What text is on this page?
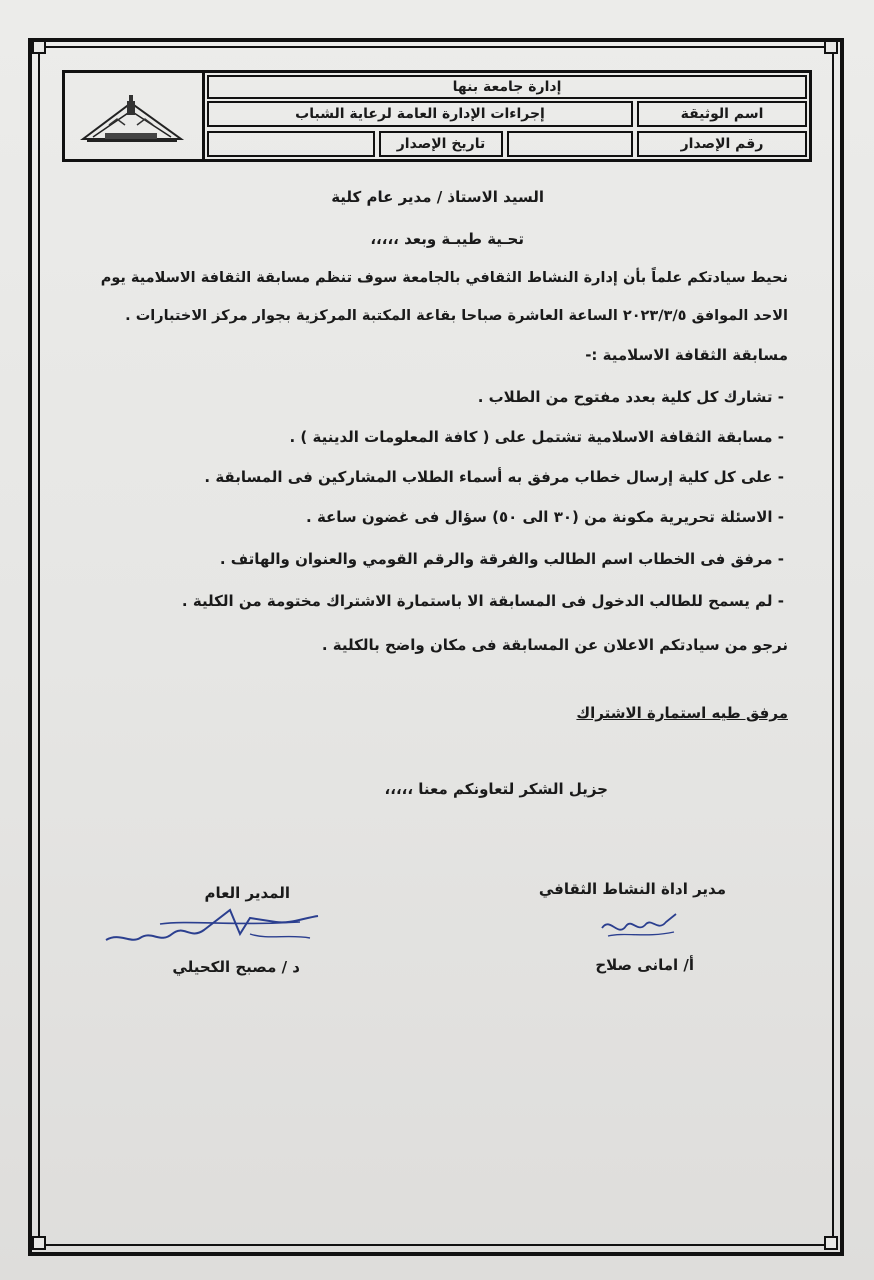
إدارة جامعة بنها
اسم الوثيقة
إجراءات الإدارة العامة لرعاية الشباب
رقم الإصدار
تاريخ الإصدار
السيد الاستاذ / مدير عام كلية
تحـية طيبـة وبعد ،،،،،
نحيط سيادتكم علماً بأن إدارة النشاط الثقافي بالجامعة سوف تنظم مسابقة الثقافة الاسلامية يوم
الاحد الموافق ٢٠٢٣/٣/٥ الساعة العاشرة صباحا بقاعة المكتبة المركزية بجوار مركز الاختبارات .
مسابقة الثقافة الاسلامية :-
- تشارك كل كلية بعدد مفتوح من الطلاب .
- مسابقة الثقافة الاسلامية تشتمل على ( كافة المعلومات الدينية ) .
- على كل كلية إرسال خطاب مرفق به أسماء الطلاب المشاركين فى المسابقة .
- الاسئلة تحريرية مكونة من (٣٠ الى ٥٠) سؤال فى غضون ساعة .
- مرفق فى الخطاب اسم الطالب والفرقة والرقم القومي والعنوان والهاتف .
- لم يسمح للطالب الدخول فى المسابقة الا باستمارة الاشتراك مختومة من الكلية .
نرجو من سيادتكم الاعلان عن المسابقة فى مكان واضح بالكلية .
مرفق طيه استمارة الاشتراك
جزيل الشكر لتعاونكم معنا ،،،،،
المدير العام
د / مصبح الكحيلي
مدير اداة النشاط الثقافي
أ/ امانى صلاح
